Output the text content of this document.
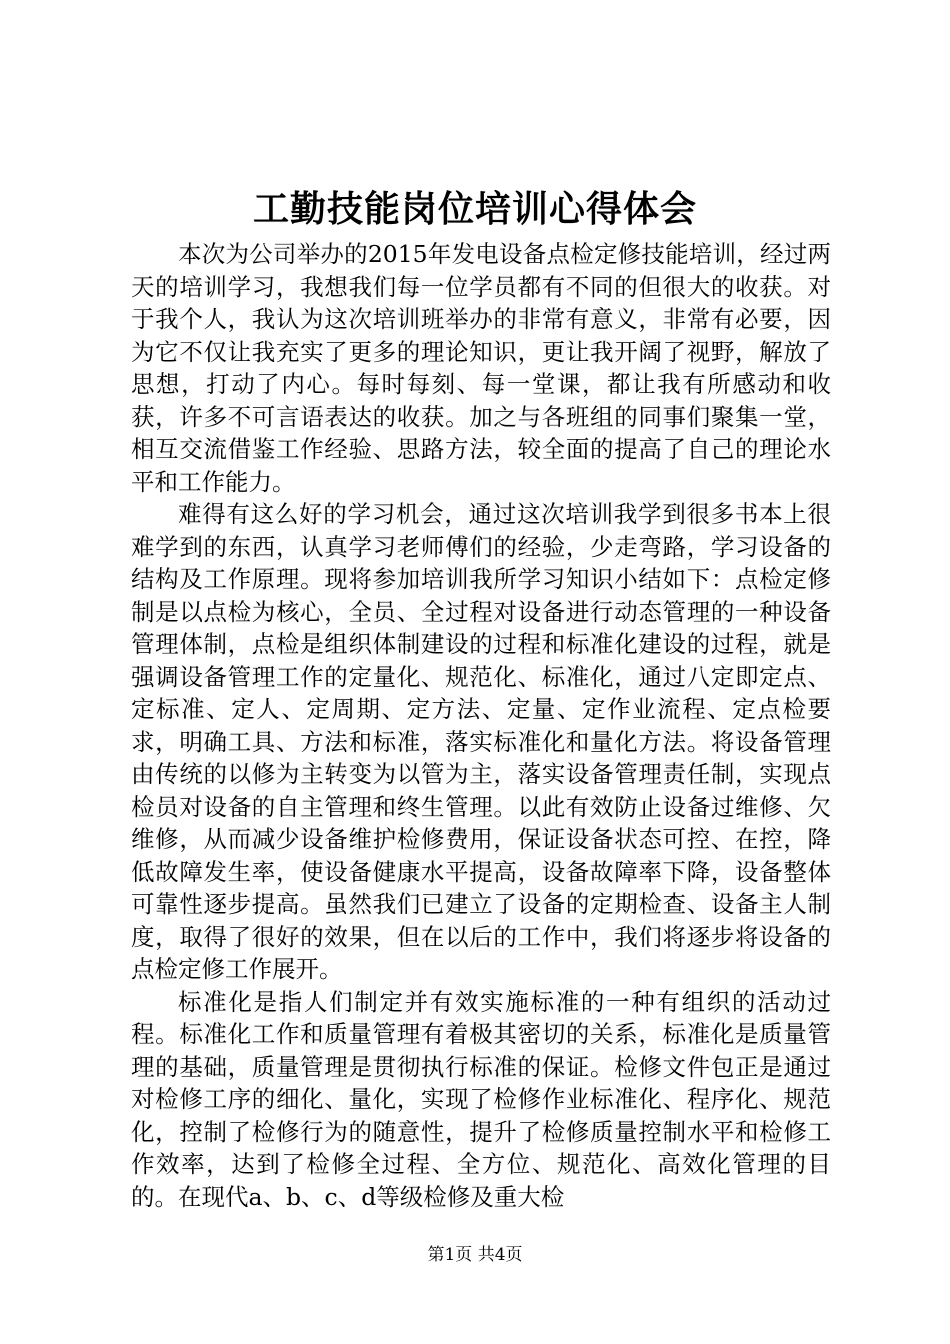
工勤技能岗位培训心得体会

本次为公司举办的2015年发电设备点检定修技能培训，经过两天的培训学习，我想我们每一位学员都有不同的但很大的收获。对于我个人，我认为这次培训班举办的非常有意义，非常有必要，因为它不仅让我充实了更多的理论知识，更让我开阔了视野，解放了思想，打动了内心。每时每刻、每一堂课，都让我有所感动和收获，许多不可言语表达的收获。加之与各班组的同事们聚集一堂，相互交流借鉴工作经验、思路方法，较全面的提高了自己的理论水平和工作能力。

难得有这么好的学习机会，通过这次培训我学到很多书本上很难学到的东西，认真学习老师傅们的经验，少走弯路，学习设备的结构及工作原理。现将参加培训我所学习知识小结如下：点检定修制是以点检为核心，全员、全过程对设备进行动态管理的一种设备管理体制，点检是组织体制建设的过程和标准化建设的过程，就是强调设备管理工作的定量化、规范化、标准化，通过八定即定点、定标准、定人、定周期、定方法、定量、定作业流程、定点检要求，明确工具、方法和标准，落实标准化和量化方法。将设备管理由传统的以修为主转变为以管为主，落实设备管理责任制，实现点检员对设备的自主管理和终生管理。以此有效防止设备过维修、欠维修，从而减少设备维护检修费用，保证设备状态可控、在控，降低故障发生率，使设备健康水平提高，设备故障率下降，设备整体可靠性逐步提高。虽然我们已建立了设备的定期检查、设备主人制度，取得了很好的效果，但在以后的工作中，我们将逐步将设备的点检定修工作展开。

标准化是指人们制定并有效实施标准的一种有组织的活动过程。标准化工作和质量管理有着极其密切的关系，标准化是质量管理的基础，质量管理是贯彻执行标准的保证。检修文件包正是通过对检修工序的细化、量化，实现了检修作业标准化、程序化、规范化，控制了检修行为的随意性，提升了检修质量控制水平和检修工作效率，达到了检修全过程、全方位、规范化、高效化管理的目的。在现代a、b、c、d等级检修及重大检

第1页 共4页
